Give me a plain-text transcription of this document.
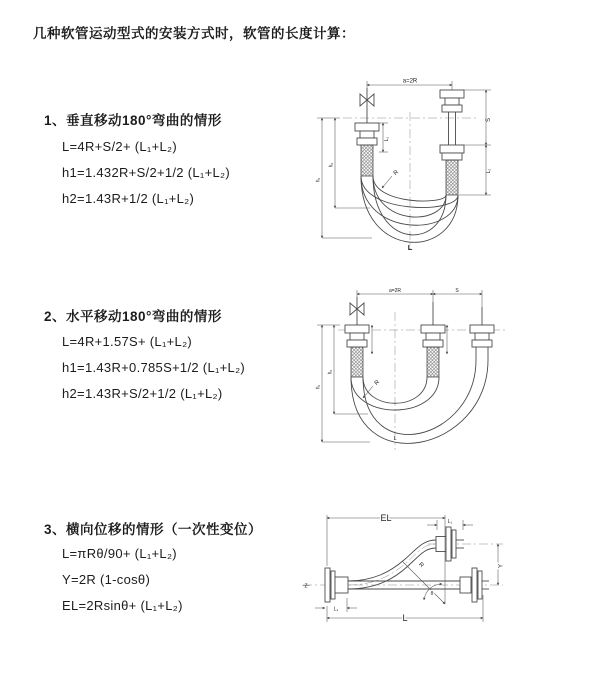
几种软管运动型式的安装方式时，软管的长度计算：
1、垂直移动180°弯曲的情形
L=4R+S/2+ (L₁+L₂)
h1=1.432R+S/2+1/2 (L₁+L₂)
h2=1.43R+1/2 (L₁+L₂)
2、水平移动180°弯曲的情形
L=4R+1.57S+ (L₁+L₂)
h1=1.43R+0.785S+1/2 (L₁+L₂)
h2=1.43R+S/2+1/2 (L₁+L₂)
3、横向位移的情形（一次性变位）
L=πRθ/90+ (L₁+L₂)
Y=2R (1-cosθ)
EL=2Rsinθ+ (L₁+L₂)
a=2R
L₁
S
L₂
h₁
h₂
R
L
a=2R	S
h₁
h₂
R
L
EL	L₁
Y
L
L₁
R
θ
Z
